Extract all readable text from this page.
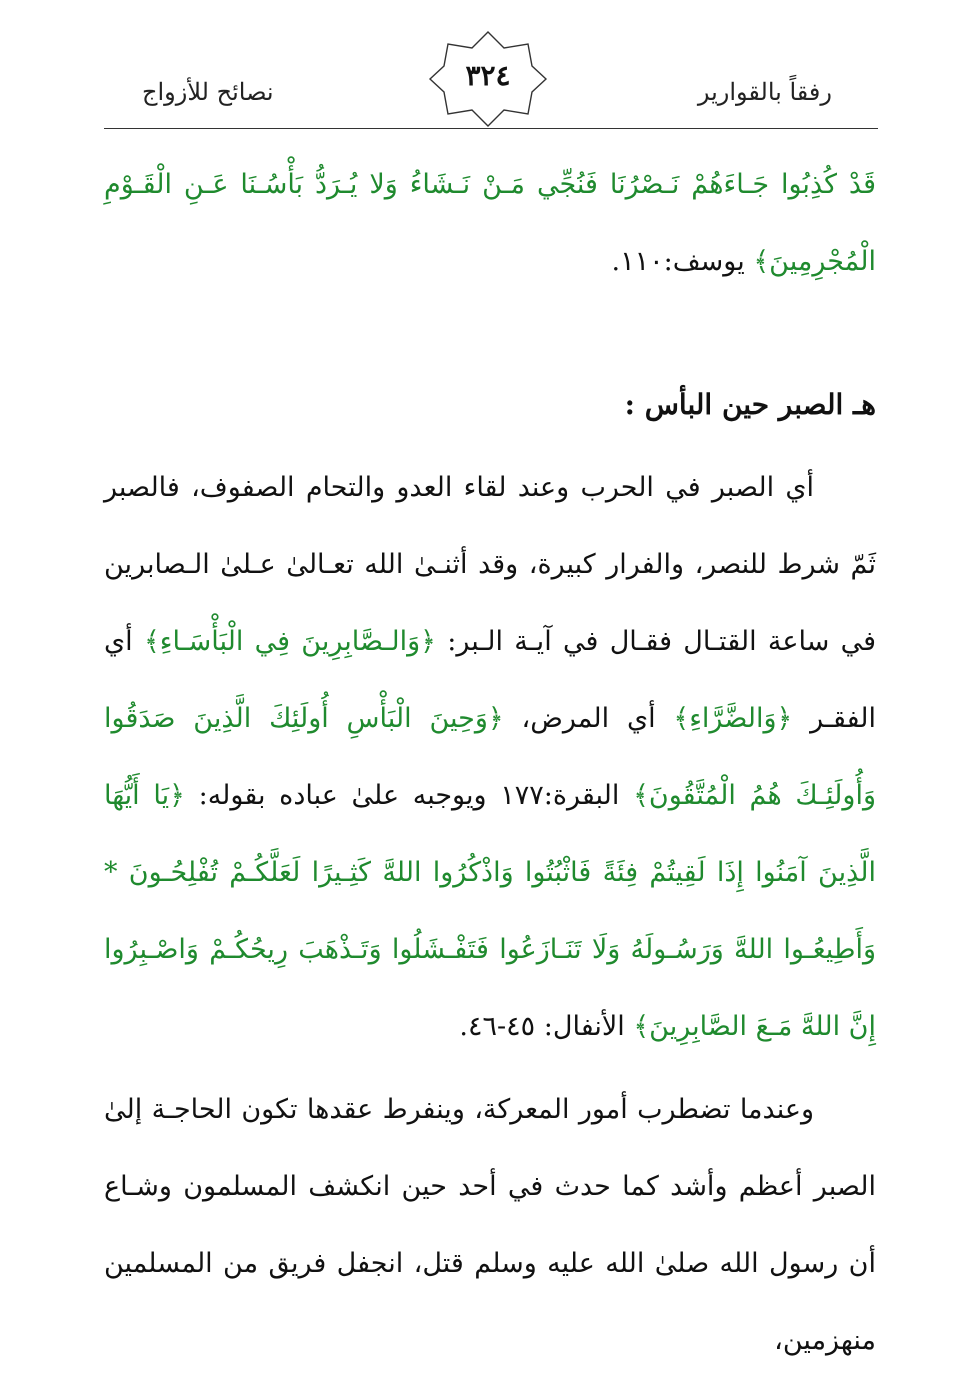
رفقاً بالقوارير
٣٢٤
نصائح للأزواج

قَدْ كُذِبُوا جَـاءَهُمْ نَـصْرُنَا فَنُجِّي مَـنْ نَـشَاءُ وَلا يُـرَدُّ بَأْسُـنَا عَـنِ الْقَـوْمِ الْمُجْرِمِينَ﴾ يوسف:١١٠.

هـ الصبر حين البأس :

أي الصبر في الحرب وعند لقاء العدو والتحام الصفوف، فالصبر ثَمّ شرط للنصر، والفرار كبيرة، وقد أثنـىٰ الله تعـالىٰ عـلىٰ الـصابرين في ساعة القتـال فقـال في آيـة الـبر: ﴿وَالـصَّابِرِينَ فِي الْبَأْسَـاءِ﴾ أي الفقـر ﴿وَالضَّرَّاءِ﴾ أي المرض، ﴿وَحِينَ الْبَأْسِ أُولَئِكَ الَّذِينَ صَدَقُوا وَأُولَئِـكَ هُمُ الْمُتَّقُونَ﴾ البقرة:١٧٧ ويوجبه علىٰ عباده بقوله: ﴿يَا أَيُّهَا الَّذِينَ آمَنُوا إِذَا لَقِيتُمْ فِئَةً فَاثْبُتُوا وَاذْكُرُوا اللهَّ كَثِـيرًا لَعَلَّكُـمْ تُفْلِحُـونَ * وَأَطِيعُـوا اللهَّ وَرَسُـولَهُ وَلَا تَنَـازَعُوا فَتَفْـشَلُوا وَتَـذْهَبَ رِيحُكُـمْ وَاصْـبِرُوا إِنَّ اللهَّ مَـعَ الصَّابِرِينَ﴾ الأنفال: ٤٥-٤٦.

وعندما تضطرب أمور المعركة، وينفرط عقدها تكون الحاجـة إلىٰ الصبر أعظم وأشد كما حدث في أحد حين انكشف المسلمون وشـاع أن رسول الله صلىٰ الله عليه وسلم قتل، انجفل فريق من المسلمين منهزمين،
